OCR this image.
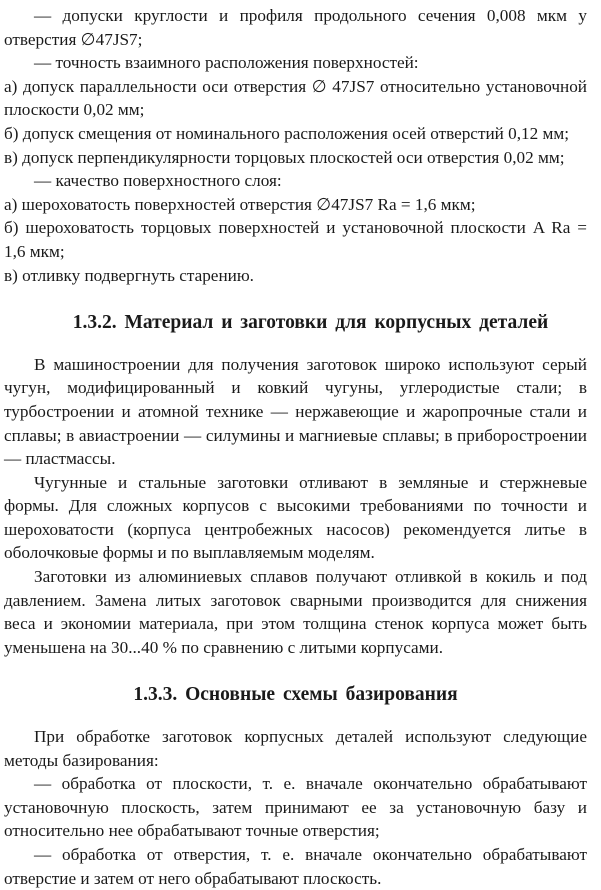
— допуски круглости и профиля продольного сечения 0,008 мкм у отверстия ∅47JS7;

— точность взаимного расположения поверхностей:

а) допуск параллельности оси отверстия ∅ 47JS7 относительно установочной плоскости 0,02 мм;

б) допуск смещения от номинального расположения осей отверстий 0,12 мм;

в) допуск перпендикулярности торцовых плоскостей оси отверстия 0,02 мм;

— качество поверхностного слоя:

а) шероховатость поверхностей отверстия ∅47JS7 Ra = 1,6 мкм;

б) шероховатость торцовых поверхностей и установочной плоскости A Ra = 1,6 мкм;

в) отливку подвергнуть старению.

1.3.2. Материал и заготовки для корпусных деталей

В машиностроении для получения заготовок широко используют серый чугун, модифицированный и ковкий чугуны, углеродистые стали; в турбостроении и атомной технике — нержавеющие и жаропрочные стали и сплавы; в авиастроении — силумины и магниевые сплавы; в приборостроении — пластмассы.

Чугунные и стальные заготовки отливают в земляные и стержневые формы. Для сложных корпусов с высокими требованиями по точности и шероховатости (корпуса центробежных насосов) рекомендуется литье в оболочковые формы и по выплавляемым моделям.

Заготовки из алюминиевых сплавов получают отливкой в кокиль и под давлением. Замена литых заготовок сварными производится для снижения веса и экономии материала, при этом толщина стенок корпуса может быть уменьшена на 30...40 % по сравнению с литыми корпусами.

1.3.3. Основные схемы базирования

При обработке заготовок корпусных деталей используют следующие методы базирования:

— обработка от плоскости, т. е. вначале окончательно обрабатывают установочную плоскость, затем принимают ее за установочную базу и относительно нее обрабатывают точные отверстия;

— обработка от отверстия, т. е. вначале окончательно обрабатывают отверстие и затем от него обрабатывают плоскость.
